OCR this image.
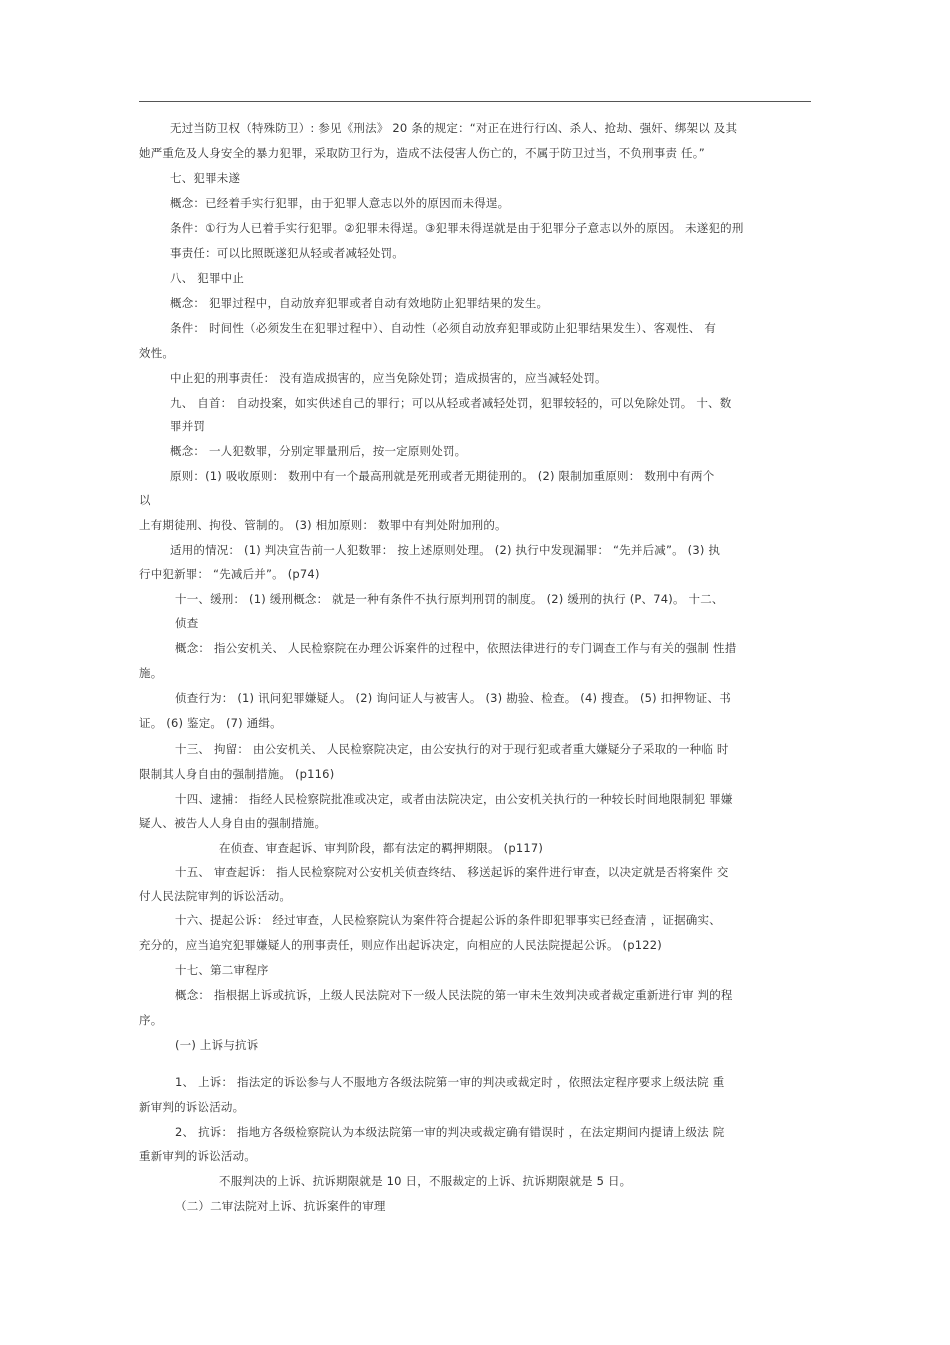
无过当防卫权（特殊防卫）: 参见《刑法》 20 条的规定：“对正在进行行凶、杀人、抢劫、强奸、绑架以 及其
她严重危及人身安全的暴力犯罪，采取防卫行为，造成不法侵害人伤亡的，不属于防卫过当，不负刑事责 任。”
七、犯罪未遂
概念：已经着手实行犯罪，由于犯罪人意志以外的原因而未得逞。
条件：①行为人已着手实行犯罪。②犯罪未得逞。③犯罪未得逞就是由于犯罪分子意志以外的原因。 未遂犯的刑
事责任：可以比照既遂犯从轻或者减轻处罚。
八、 犯罪中止
概念： 犯罪过程中，自动放弃犯罪或者自动有效地防止犯罪结果的发生。
条件： 时间性（必须发生在犯罪过程中）、自动性（必须自动放弃犯罪或防止犯罪结果发生）、客观性、 有
效性。
中止犯的刑事责任： 没有造成损害的，应当免除处罚；造成损害的，应当减轻处罚。
九、 自首： 自动投案，如实供述自己的罪行；可以从轻或者减轻处罚，犯罪较轻的，可以免除处罚。 十、数
罪并罚
概念： 一人犯数罪，分别定罪量刑后，按一定原则处罚。
原则：(1) 吸收原则： 数刑中有一个最高刑就是死刑或者无期徒刑的。 (2) 限制加重原则： 数刑中有两个
以
上有期徒刑、拘役、管制的。 (3) 相加原则： 数罪中有判处附加刑的。
适用的情况： (1) 判决宣告前一人犯数罪： 按上述原则处理。 (2) 执行中发现漏罪： “先并后减”。 (3) 执
行中犯新罪： “先减后并”。 (p74)
十一、缓刑： (1) 缓刑概念： 就是一种有条件不执行原判刑罚的制度。 (2) 缓刑的执行 (P、74)。 十二、
侦查
概念： 指公安机关、 人民检察院在办理公诉案件的过程中，依照法律进行的专门调查工作与有关的强制 性措
施。
侦查行为： (1) 讯问犯罪嫌疑人。 (2) 询问证人与被害人。 (3) 勘验、检查。 (4) 搜查。 (5) 扣押物证、书
证。 (6) 鉴定。 (7) 通缉。
十三、 拘留： 由公安机关、 人民检察院决定，由公安执行的对于现行犯或者重大嫌疑分子采取的一种临 时
限制其人身自由的强制措施。 (p116)
十四、逮捕： 指经人民检察院批准或决定，或者由法院决定，由公安机关执行的一种较长时间地限制犯 罪嫌
疑人、被告人人身自由的强制措施。
在侦查、审查起诉、审判阶段，都有法定的羁押期限。 (p117)
十五、 审查起诉： 指人民检察院对公安机关侦查终结、 移送起诉的案件进行审查，以决定就是否将案件 交
付人民法院审判的诉讼活动。
十六、提起公诉： 经过审查，人民检察院认为案件符合提起公诉的条件即犯罪事实已经查清 ，证据确实、
充分的，应当追究犯罪嫌疑人的刑事责任，则应作出起诉决定，向相应的人民法院提起公诉。 (p122)
十七、第二审程序
概念： 指根据上诉或抗诉，上级人民法院对下一级人民法院的第一审未生效判决或者裁定重新进行审 判的程
序。
(一) 上诉与抗诉
1、 上诉： 指法定的诉讼参与人不服地方各级法院第一审的判决或裁定时 ，依照法定程序要求上级法院 重
新审判的诉讼活动。
2、 抗诉： 指地方各级检察院认为本级法院第一审的判决或裁定确有错误时 ，在法定期间内提请上级法 院
重新审判的诉讼活动。
不服判决的上诉、抗诉期限就是 10 日，不服裁定的上诉、抗诉期限就是 5 日。
（二）二审法院对上诉、抗诉案件的审理
